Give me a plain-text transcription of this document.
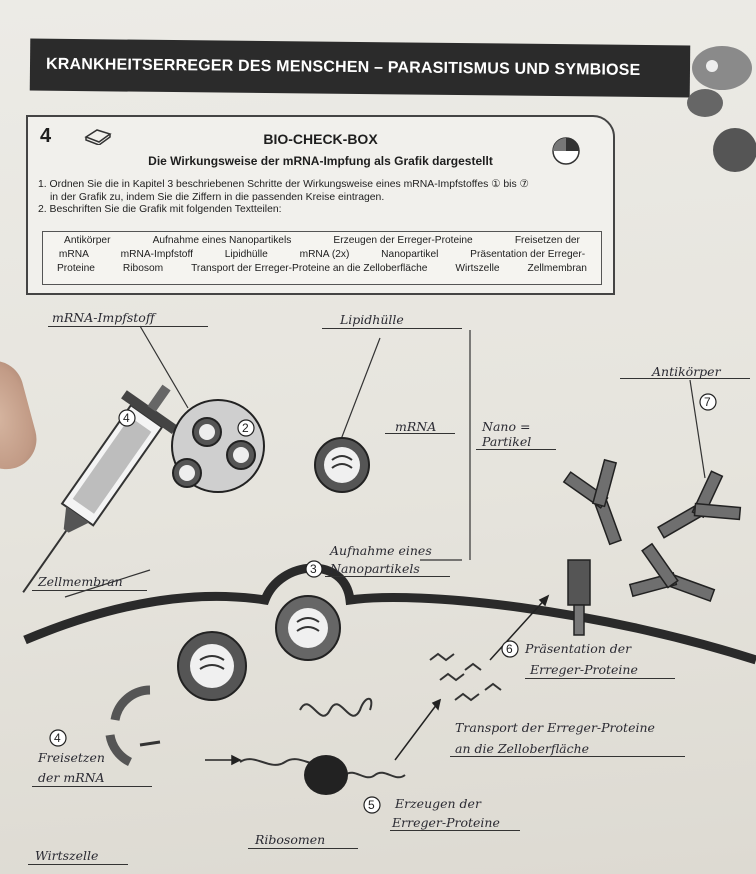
KRANKHEITSERREGER DES MENSCHEN – PARASITISMUS UND SYMBIOSE
4	BIO-CHECK-BOX
Die Wirkungsweise der mRNA-Impfung als Grafik dargestellt
1. Ordnen Sie die in Kapitel 3 beschriebenen Schritte der Wirkungsweise eines mRNA-Impfstoffes ① bis ⑦
in der Grafik zu, indem Sie die Ziffern in die passenden Kreise eintragen.
2. Beschriften Sie die Grafik mit folgenden Textteilen:
Antikörper	Aufnahme eines Nanopartikels	Erzeugen der Erreger-Proteine	Freisetzen der
mRNA	mRNA-Impfstoff	Lipidhülle	mRNA (2x)	Nanopartikel	Präsentation der Erreger-
Proteine	Ribosom	Transport der Erreger-Proteine an die Zelloberfläche	Wirtszelle	Zellmembran
4
2
3
6
5
7
4
mRNA-Impfstoff	Lipidhülle
Antikörper
mRNA	Nano =
Partikel
Aufnahme eines
Nanopartikels
Zellmembran
Präsentation der
Erreger-Proteine
Transport der Erreger-Proteine
an die Zelloberfläche
Freisetzen
der mRNA
Erzeugen der
Erreger-Proteine
Ribosomen
Wirtszelle
